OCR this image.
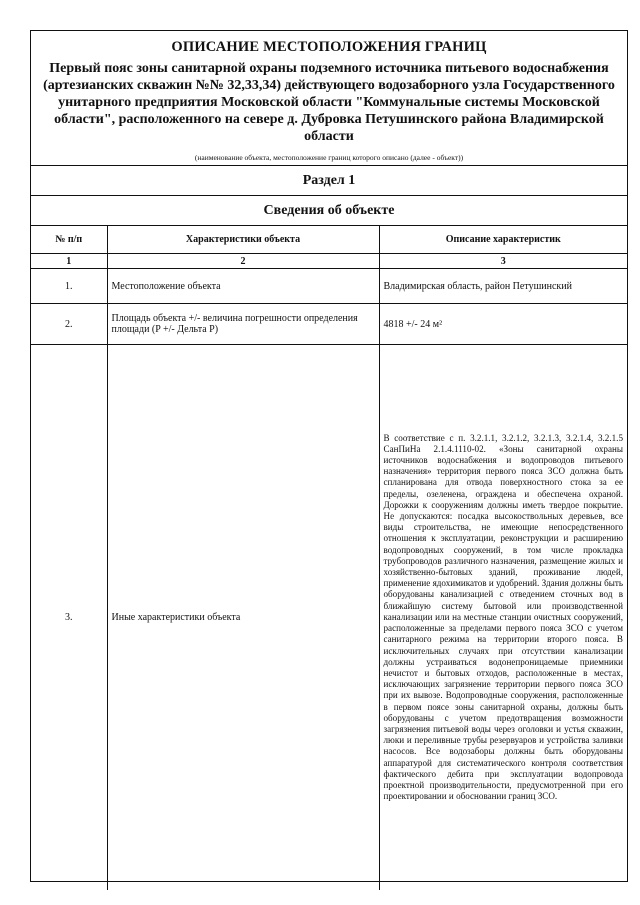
ОПИСАНИЕ МЕСТОПОЛОЖЕНИЯ ГРАНИЦ
Первый пояс зоны санитарной охраны подземного источника питьевого водоснабжения (артезианских скважин №№ 32,33,34) действующего водозаборного узла Государственного унитарного предприятия Московской области "Коммунальные системы Московской области", расположенного на севере д. Дубровка Петушинского района Владимирской области
(наименование объекта, местоположение границ которого описано (далее - объект))
Раздел 1
Сведения об объекте
№ п/п	Характеристики объекта	Описание характеристик
1	2	3
1.	Местоположение объекта	Владимирская область, район Петушинский
2.	Площадь объекта +/- величина погрешности определения площади (P +/- Дельта P)	4818 +/- 24 м²
3.	Иные характеристики объекта	В соответствие с п. 3.2.1.1, 3.2.1.2, 3.2.1.3, 3.2.1.4, 3.2.1.5 СанПиНа 2.1.4.1110-02. «Зоны санитарной охраны источников водоснабжения и водопроводов питьевого назначения» территория первого пояса ЗСО должна быть спланирована для отвода поверхностного стока за ее пределы, озеленена, ограждена и обеспечена охраной. Дорожки к сооружениям должны иметь твердое покрытие. Не допускаются: посадка высокоствольных деревьев, все виды строительства, не имеющие непосредственного отношения к эксплуатации, реконструкции и расширению водопроводных сооружений, в том числе прокладка трубопроводов различного назначения, размещение жилых и хозяйственно-бытовых зданий, проживание людей, применение ядохимикатов и удобрений. Здания должны быть оборудованы канализацией с отведением сточных вод в ближайшую систему бытовой или производственной канализации или на местные станции очистных сооружений, расположенные за пределами первого пояса ЗСО с учетом санитарного режима на территории второго пояса. В исключительных случаях при отсутствии канализации должны устраиваться водонепроницаемые приемники нечистот и бытовых отходов, расположенные в местах, исключающих загрязнение территории первого пояса ЗСО при их вывозе. Водопроводные сооружения, расположенные в первом поясе зоны санитарной охраны, должны быть оборудованы с учетом предотвращения возможности загрязнения питьевой воды через оголовки и устья скважин, люки и переливные трубы резервуаров и устройства заливки насосов. Все водозаборы должны быть оборудованы аппаратурой для систематического контроля соответствия фактического дебита при эксплуатации водопровода проектной производительности, предусмотренной при его проектировании и обосновании границ ЗСО.
